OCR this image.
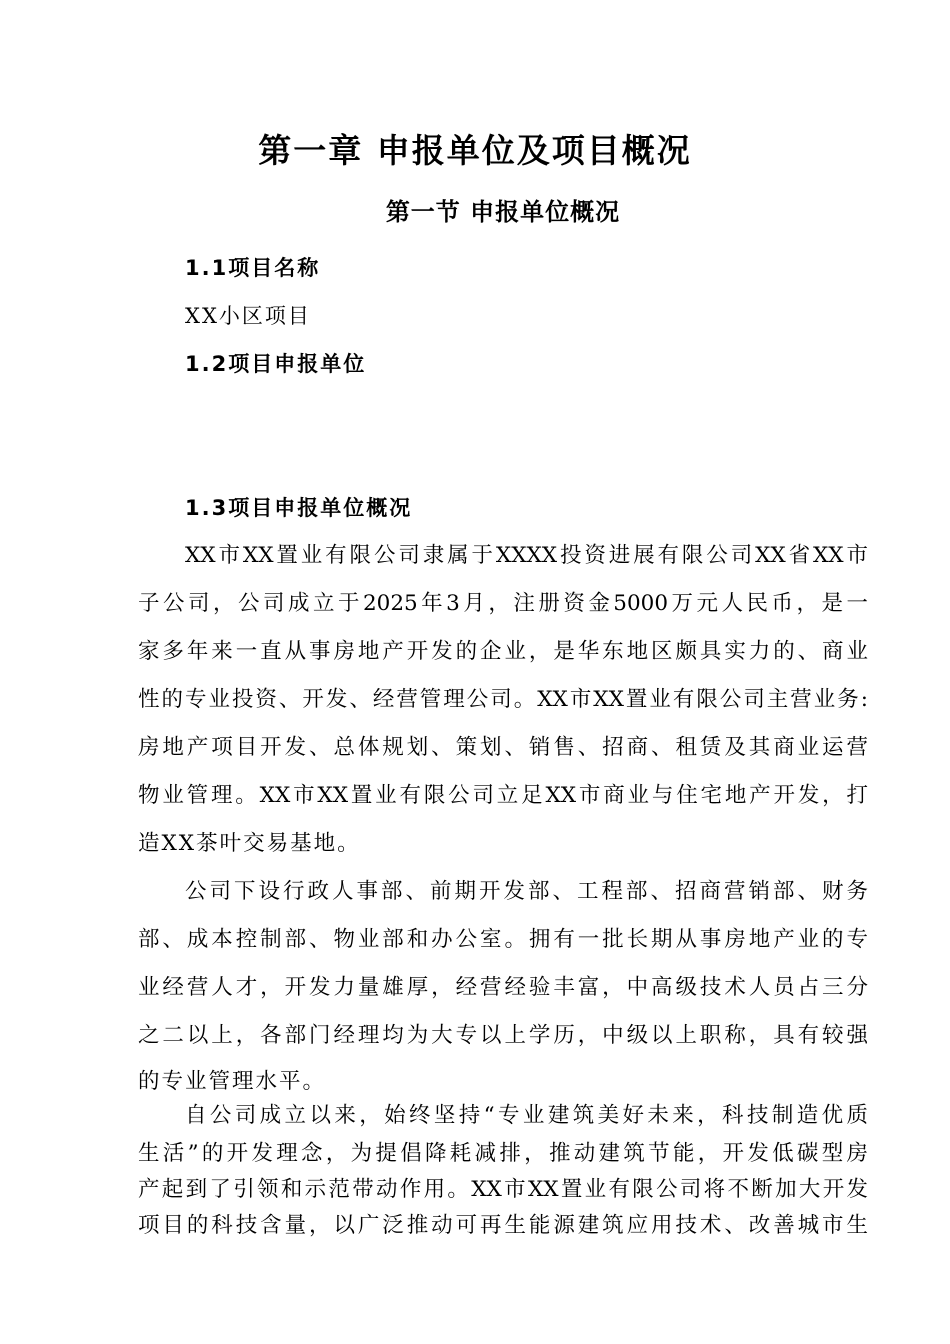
第一章 申报单位及项目概况
第一节 申报单位概况
1.1项目名称
XX小区项目
1.2项目申报单位
1.3项目申报单位概况
XX市XX置业有限公司隶属于XXXX投资进展有限公司XX省XX市
子公司，公司成立于2025年3月，注册资金5000万元人民币，是一
家多年来一直从事房地产开发的企业，是华东地区颇具实力的、商业
性的专业投资、开发、经营管理公司。XX市XX置业有限公司主营业务:
房地产项目开发、总体规划、策划、销售、招商、租赁及其商业运营
物业管理。XX市XX置业有限公司立足XX市商业与住宅地产开发，打
造XX茶叶交易基地。
公司下设行政人事部、前期开发部、工程部、招商营销部、财务
部、成本控制部、物业部和办公室。拥有一批长期从事房地产业的专
业经营人才，开发力量雄厚，经营经验丰富，中高级技术人员占三分
之二以上，各部门经理均为大专以上学历，中级以上职称，具有较强
的专业管理水平。
自公司成立以来，始终坚持“专业建筑美好未来，科技制造优质
生活”的开发理念，为提倡降耗减排，推动建筑节能，开发低碳型房
产起到了引领和示范带动作用。XX市XX置业有限公司将不断加大开发
项目的科技含量，以广泛推动可再生能源建筑应用技术、改善城市生
